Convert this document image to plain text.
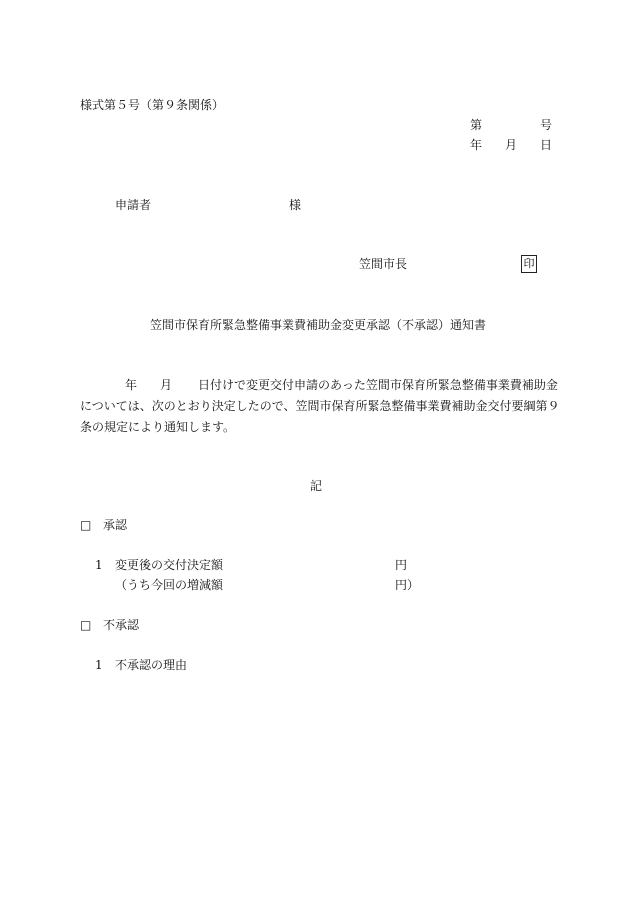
様式第５号（第９条関係）
第	号
年 月 日
申請者	様
笠間市長	印
笠間市保育所緊急整備事業費補助金変更承認（不承認）通知書
年 月 日付けで変更交付申請のあった笠間市保育所緊急整備事業費補助金
については、次のとおり決定したので、笠間市保育所緊急整備事業費補助金交付要綱第９
条の規定により通知します。
記
□ 承認
1 変更後の交付決定額	円
（うち今回の増減額	円）
□ 不承認
1 不承認の理由
